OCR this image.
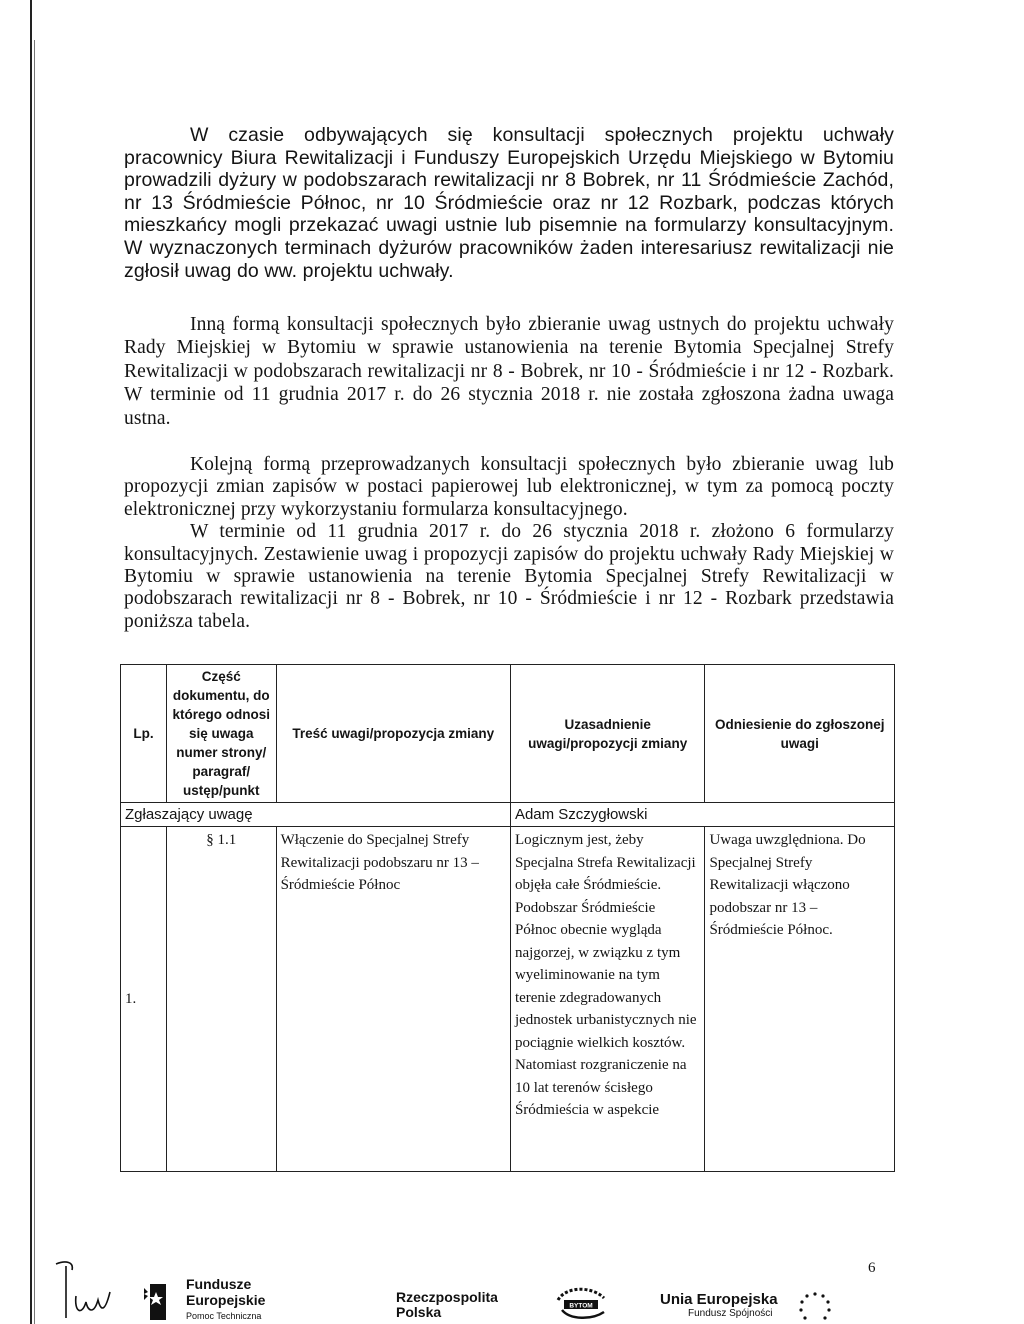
W czasie odbywających się konsultacji społecznych projektu uchwały pracownicy Biura Rewitalizacji i Funduszy Europejskich Urzędu Miejskiego w Bytomiu prowadzili dyżury w podobszarach rewitalizacji nr 8 Bobrek, nr 11 Śródmieście Zachód, nr 13 Śródmieście Północ, nr 10 Śródmieście oraz nr 12 Rozbark, podczas których mieszkańcy mogli przekazać uwagi ustnie lub pisemnie na formularzy konsultacyjnym. W wyznaczonych terminach dyżurów pracowników żaden interesariusz rewitalizacji nie zgłosił uwag do ww. projektu uchwały.

Inną formą konsultacji społecznych było zbieranie uwag ustnych do projektu uchwały Rady Miejskiej w Bytomiu w sprawie ustanowienia na terenie Bytomia Specjalnej Strefy Rewitalizacji w podobszarach rewitalizacji nr 8 - Bobrek, nr 10 - Śródmieście i nr 12 - Rozbark. W terminie od 11 grudnia 2017 r. do 26 stycznia 2018 r. nie została zgłoszona żadna uwaga ustna.

Kolejną formą przeprowadzanych konsultacji społecznych było zbieranie uwag lub propozycji zmian zapisów w postaci papierowej lub elektronicznej, w tym za pomocą poczty elektronicznej przy wykorzystaniu formularza konsultacyjnego.
W terminie od 11 grudnia 2017 r. do 26 stycznia 2018 r. złożono 6 formularzy konsultacyjnych. Zestawienie uwag i propozycji zapisów do projektu uchwały Rady Miejskiej w Bytomiu w sprawie ustanowienia na terenie Bytomia Specjalnej Strefy Rewitalizacji w podobszarach rewitalizacji nr 8 - Bobrek, nr 10 - Śródmieście i nr 12 - Rozbark przedstawia poniższa tabela.

Lp.	Część dokumentu, do którego odnosi się uwaga numer strony/ paragraf/ ustęp/punkt	Treść uwagi/propozycja zmiany	Uzasadnienie uwagi/propozycji zmiany	Odniesienie do zgłoszonej uwagi
Zgłaszający uwagę			Adam Szczygłowski	
1.	§ 1.1	Włączenie do Specjalnej Strefy Rewitalizacji podobszaru nr 13 – Śródmieście Północ	Logicznym jest, żeby Specjalna Strefa Rewitalizacji objęła całe Śródmieście. Podobszar Śródmieście Północ obecnie wygląda najgorzej, w związku z tym wyeliminowanie na tym terenie zdegradowanych jednostek urbanistycznych nie pociągnie wielkich kosztów. Natomiast rozgraniczenie na 10 lat terenów ścisłego Śródmieścia w aspekcie	Uwaga uwzględniona. Do Specjalnej Strefy Rewitalizacji włączono podobszar nr 13 – Śródmieście Północ.
6
Fundusze
Europejskie
Pomoc Techniczna
Rzeczpospolita
Polska	BYTOM	Unia Europejska
Fundusz Spójności
